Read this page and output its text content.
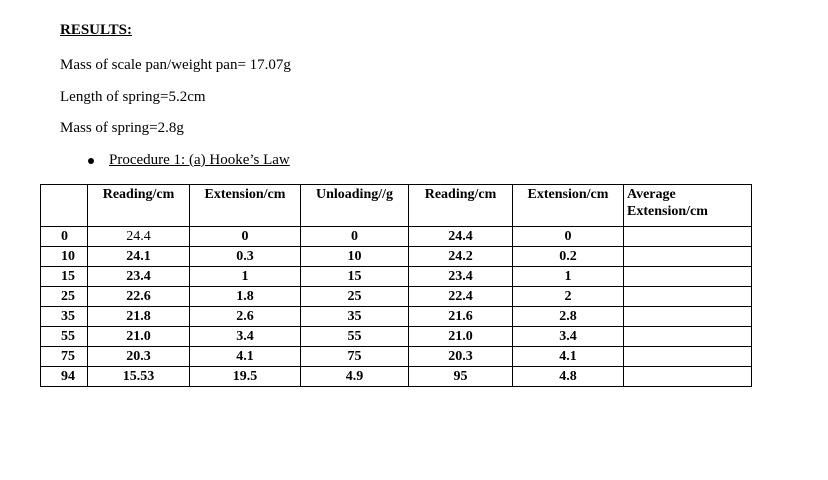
RESULTS:

Mass of scale pan/weight pan= 17.07g

Length of spring=5.2cm

Mass of spring=2.8g

Procedure 1: (a) Hooke’s Law
	Reading/cm	Extension/cm	Unloading//g	Reading/cm	Extension/cm	Average Extension/cm
0	24.4	0	0	24.4	0	
10	24.1	0.3	10	24.2	0.2	
15	23.4	1	15	23.4	1	
25	22.6	1.8	25	22.4	2	
35	21.8	2.6	35	21.6	2.8	
55	21.0	3.4	55	21.0	3.4	
75	20.3	4.1	75	20.3	4.1	
94	15.53	19.5	4.9	95	4.8	
